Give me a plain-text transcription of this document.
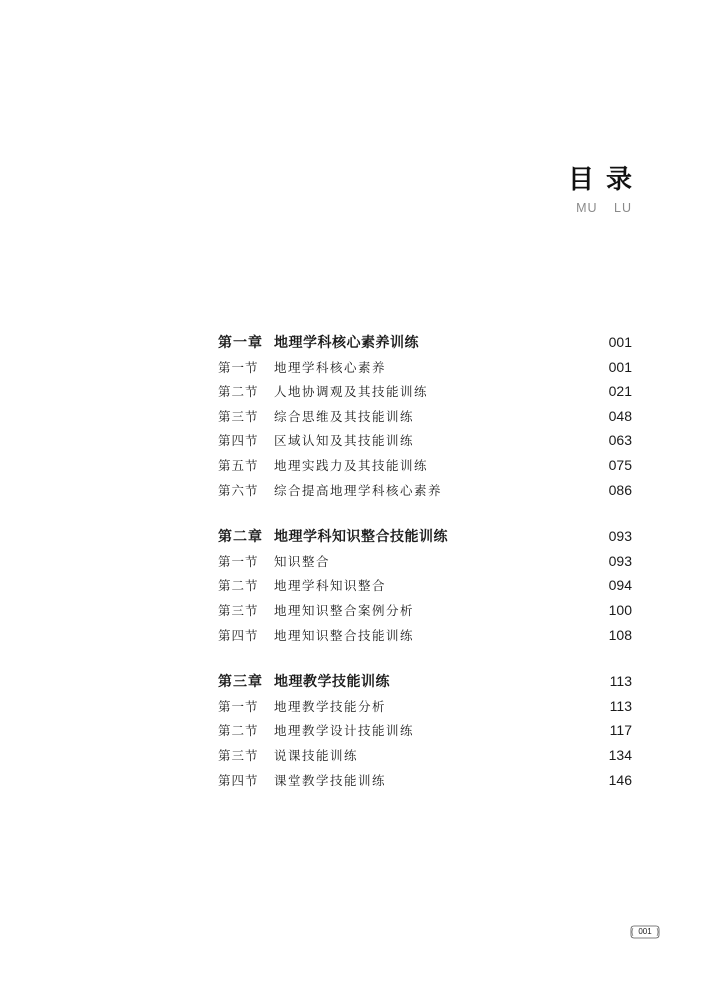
目录
MU LU
第一章 地理学科核心素养训练	001
第一节	地理学科核心素养	001
第二节	人地协调观及其技能训练	021
第三节	综合思维及其技能训练	048
第四节	区域认知及其技能训练	063
第五节	地理实践力及其技能训练	075
第六节	综合提高地理学科核心素养	086
第二章 地理学科知识整合技能训练	093
第一节	知识整合	093
第二节	地理学科知识整合	094
第三节	地理知识整合案例分析	100
第四节	地理知识整合技能训练	108
第三章 地理教学技能训练	113
第一节	地理教学技能分析	113
第二节	地理教学设计技能训练	117
第三节	说课技能训练	134
第四节	课堂教学技能训练	146
001
